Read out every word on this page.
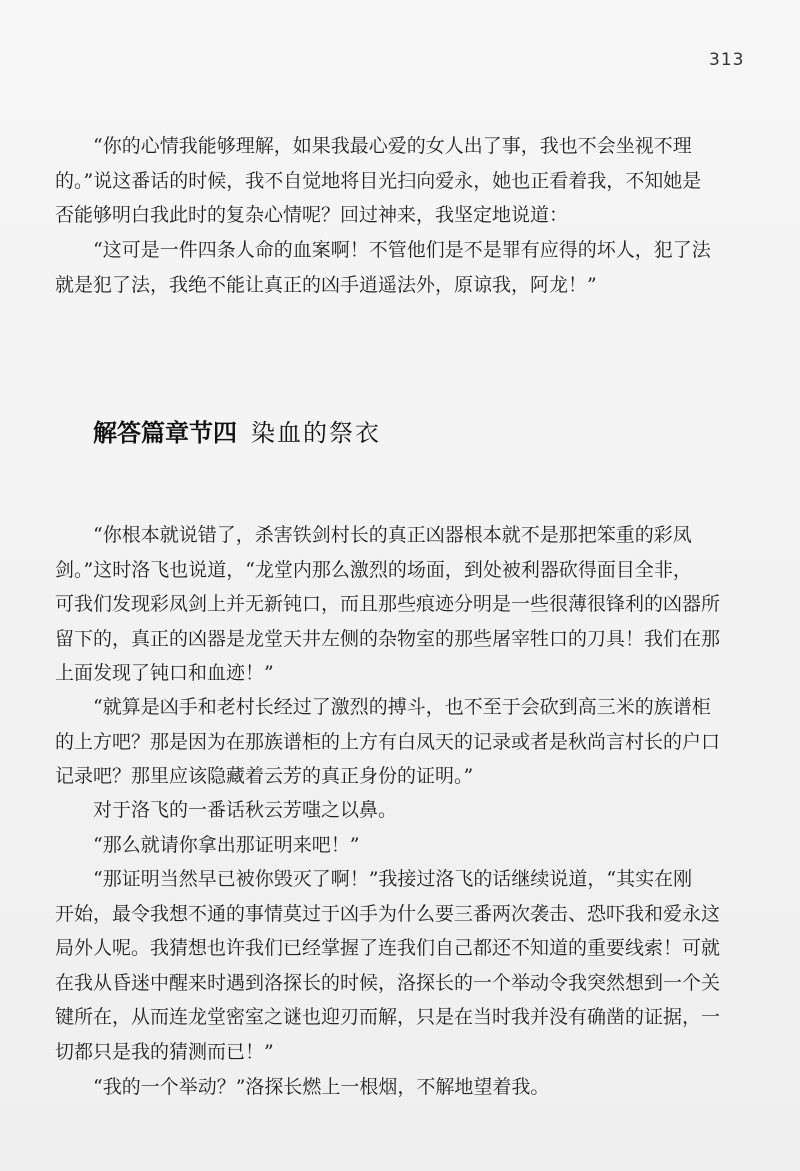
313
“你的心情我能够理解，如果我最心爱的女人出了事，我也不会坐视不理
的。”说这番话的时候，我不自觉地将目光扫向爱永，她也正看着我，不知她是
否能够明白我此时的复杂心情呢？回过神来，我坚定地说道：
“这可是一件四条人命的血案啊！不管他们是不是罪有应得的坏人，犯了法
就是犯了法，我绝不能让真正的凶手逍遥法外，原谅我，阿龙！”
解答篇章节四 染血的祭衣
“你根本就说错了，杀害铁剑村长的真正凶器根本就不是那把笨重的彩凤
剑。”这时洛飞也说道，“龙堂内那么激烈的场面，到处被利器砍得面目全非，
可我们发现彩凤剑上并无新钝口，而且那些痕迹分明是一些很薄很锋利的凶器所
留下的，真正的凶器是龙堂天井左侧的杂物室的那些屠宰牲口的刀具！我们在那
上面发现了钝口和血迹！”
“就算是凶手和老村长经过了激烈的搏斗，也不至于会砍到高三米的族谱柜
的上方吧？那是因为在那族谱柜的上方有白凤天的记录或者是秋尚言村长的户口
记录吧？那里应该隐藏着云芳的真正身份的证明。”
对于洛飞的一番话秋云芳嗤之以鼻。
“那么就请你拿出那证明来吧！”
“那证明当然早已被你毁灭了啊！”我接过洛飞的话继续说道，“其实在刚
开始，最令我想不通的事情莫过于凶手为什么要三番两次袭击、恐吓我和爱永这
局外人呢。我猜想也许我们已经掌握了连我们自己都还不知道的重要线索！可就
在我从昏迷中醒来时遇到洛探长的时候，洛探长的一个举动令我突然想到一个关
键所在，从而连龙堂密室之谜也迎刃而解，只是在当时我并没有确凿的证据，一
切都只是我的猜测而已！”
“我的一个举动？”洛探长燃上一根烟，不解地望着我。
